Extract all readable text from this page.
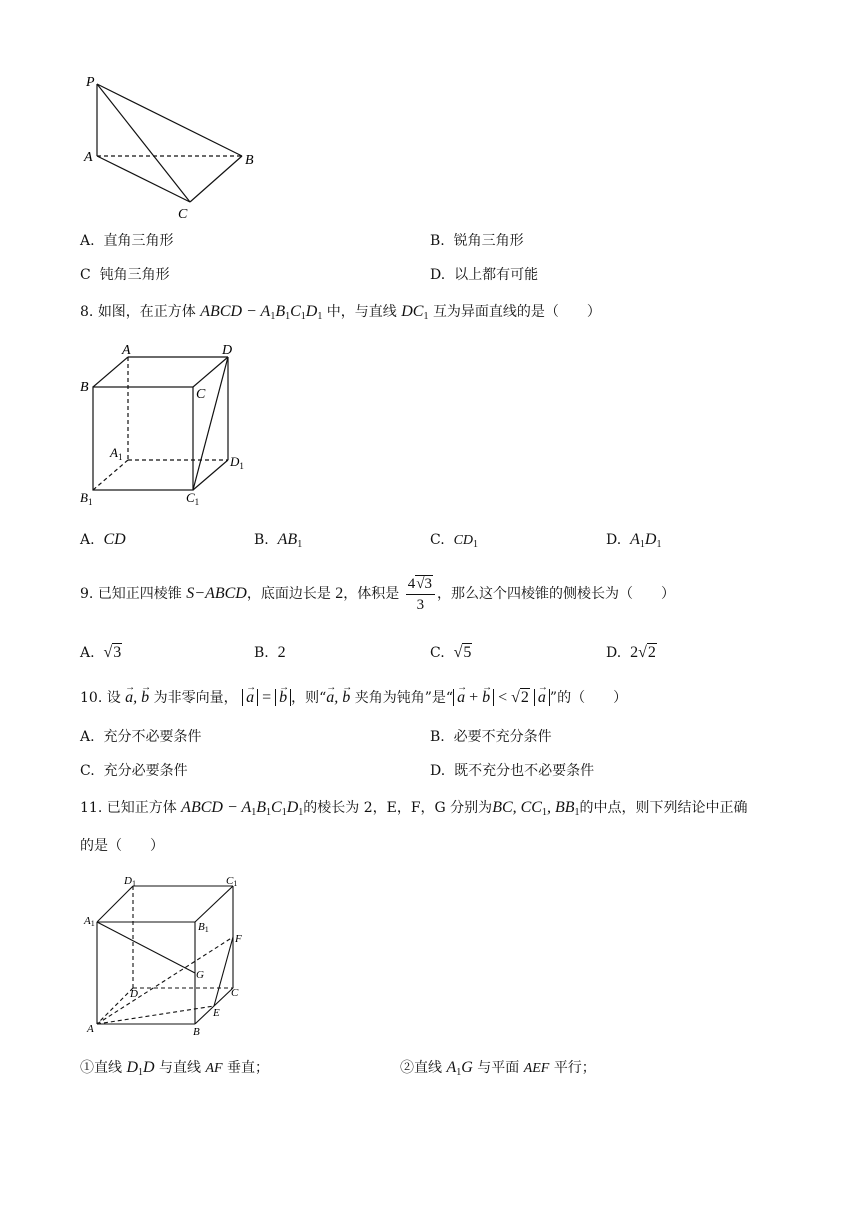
P
A	B
C
A. 直角三角形	B. 锐角三角形
C 钝角三角形	D. 以上都有可能
8. 如图，在正方体 ABCD − $A_1B_1C_1D_1$ 中，与直线 $DC_1$ 互为异面直线的是（　　）
A	D
B	C
$A_1$	$D_1$
$B_1$	$C_1$
A. CD	B. $AB_1$	C. $CD_1$	D. $A_1D_1$
9. 已知正四棱锥 S−ABCD，底面边长是 2，体积是 $\frac{4√3}{3}$ ，那么这个四棱锥的侧棱长为（　　）
A. √3	B. 2	C. √5	D. 2√2
10. 设 → a, → b 为非零向量， → a = → b ，则“→ a, → b 夹角为钝角”是“ → a + → b < √2 → a ”的（　　）
A. 充分不必要条件	B. 必要不充分条件
C. 充分必要条件	D. 既不充分也不必要条件
11. 已知正方体 ABCD − $A_1B_1C_1D_1$的棱长为 2，E，F，G 分别为BC, $CC_1$, $BB_1$的中点，则下列结论中正确
的是（　　）
D1	C1
A1	B1
F
G
D	C
E
A	B
①直线 $D_1D$ 与直线 AF 垂直；	②直线 $A_1G$ 与平面 AEF 平行；
